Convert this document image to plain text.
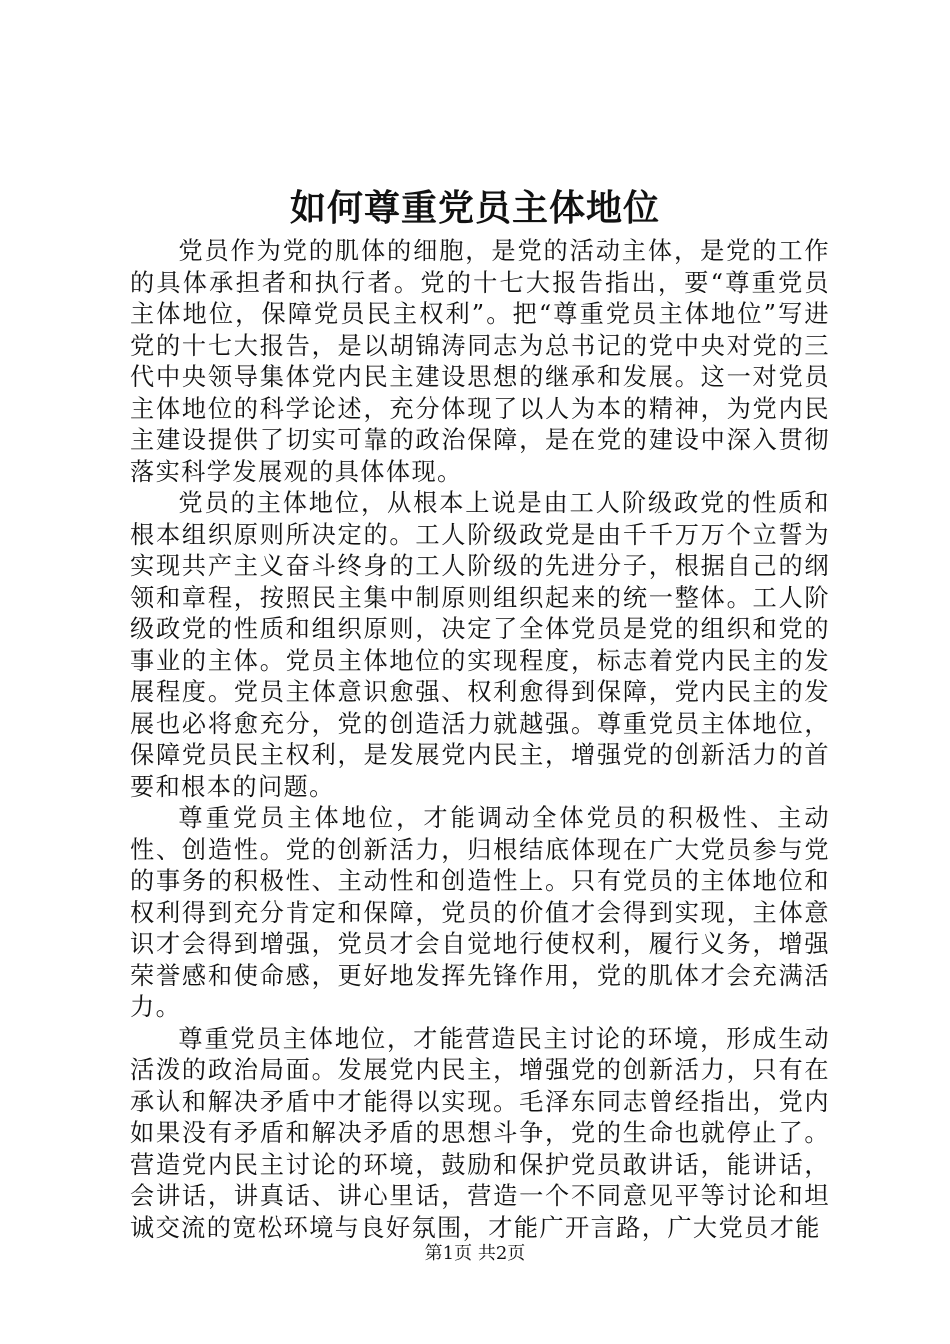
如何尊重党员主体地位

党员作为党的肌体的细胞，是党的活动主体，是党的工作的具体承担者和执行者。党的十七大报告指出，要“尊重党员主体地位，保障党员民主权利”。把“尊重党员主体地位”写进党的十七大报告，是以胡锦涛同志为总书记的党中央对党的三代中央领导集体党内民主建设思想的继承和发展。这一对党员主体地位的科学论述，充分体现了以人为本的精神，为党内民主建设提供了切实可靠的政治保障，是在党的建设中深入贯彻落实科学发展观的具体体现。

党员的主体地位，从根本上说是由工人阶级政党的性质和根本组织原则所决定的。工人阶级政党是由千千万万个立誓为实现共产主义奋斗终身的工人阶级的先进分子，根据自己的纲领和章程，按照民主集中制原则组织起来的统一整体。工人阶级政党的性质和组织原则，决定了全体党员是党的组织和党的事业的主体。党员主体地位的实现程度，标志着党内民主的发展程度。党员主体意识愈强、权利愈得到保障，党内民主的发展也必将愈充分，党的创造活力就越强。尊重党员主体地位，保障党员民主权利，是发展党内民主，增强党的创新活力的首要和根本的问题。

尊重党员主体地位，才能调动全体党员的积极性、主动性、创造性。党的创新活力，归根结底体现在广大党员参与党的事务的积极性、主动性和创造性上。只有党员的主体地位和权利得到充分肯定和保障，党员的价值才会得到实现，主体意识才会得到增强，党员才会自觉地行使权利，履行义务，增强荣誉感和使命感，更好地发挥先锋作用，党的肌体才会充满活力。

尊重党员主体地位，才能营造民主讨论的环境，形成生动活泼的政治局面。发展党内民主，增强党的创新活力，只有在承认和解决矛盾中才能得以实现。毛泽东同志曾经指出，党内如果没有矛盾和解决矛盾的思想斗争，党的生命也就停止了。营造党内民主讨论的环境，鼓励和保护党员敢讲话，能讲话，会讲话，讲真话、讲心里话，营造一个不同意见平等讨论和坦诚交流的宽松环境与良好氛围，才能广开言路，广大党员才能

第1页 共2页
